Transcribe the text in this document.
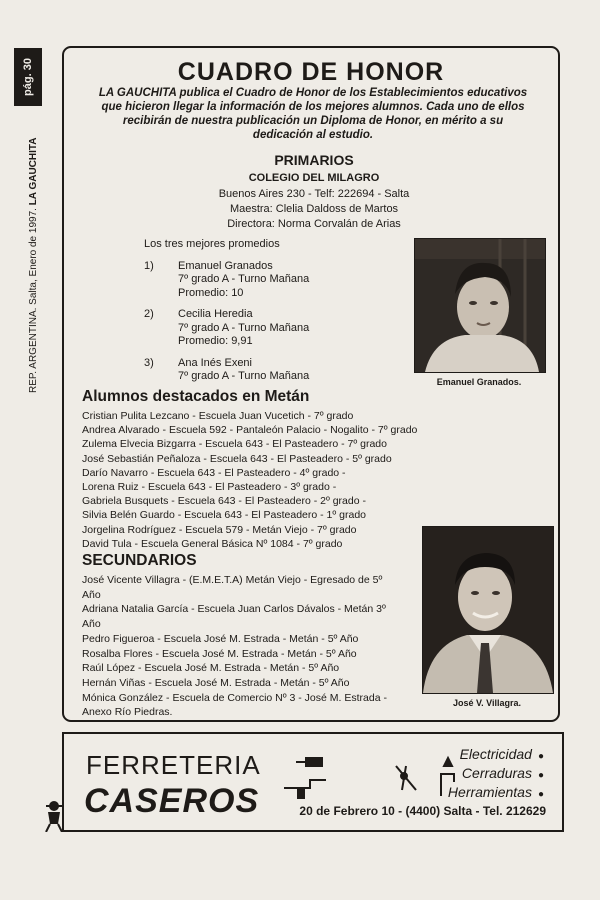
pág. 30
REP. ARGENTINA. Salta, Enero de 1997. LA GAUCHITA
CUADRO DE HONOR
LA GAUCHITA publica el Cuadro de Honor de los Establecimientos educativos que hicieron llegar la información de los mejores alumnos. Cada uno de ellos recibirán de nuestra publicación un Diploma de Honor, en mérito a su dedicación al estudio.
PRIMARIOS
COLEGIO DEL MILAGRO
Buenos Aires 230 - Telf: 222694 - Salta
Maestra: Clelia Daldoss de Martos
Directora: Norma Corvalán de Arias
Los tres mejores promedios
1)	Emanuel Granados
7º grado A - Turno Mañana
Promedio: 10
2)	Cecilia Heredia
7º grado A - Turno Mañana
Promedio: 9,91
3)	Ana Inés Exeni
7º grado A - Turno Mañana	Emanuel Granados.
Alumnos destacados en Metán
Cristian Pulita Lezcano - Escuela Juan Vucetich - 7º grado
Andrea Alvarado - Escuela 592 - Pantaleón Palacio - Nogalito - 7º grado
Zulema Elvecia Bizgarra - Escuela 643 - El Pasteadero - 7º grado
José Sebastián Peñaloza - Escuela 643 - El Pasteadero - 5º grado
Darío Navarro - Escuela 643 - El Pasteadero - 4º grado -
Lorena Ruiz - Escuela 643 - El Pasteadero - 3º grado -
Gabriela Busquets - Escuela 643 - El Pasteadero - 2º grado -
Silvia Belén Guardo - Escuela 643 - El Pasteadero - 1º grado
Jorgelina Rodríguez - Escuela 579 - Metán Viejo - 7º grado
David Tula - Escuela General Básica Nº 1084 - 7º grado
SECUNDARIOS
José Vicente Villagra - (E.M.E.T.A) Metán Viejo - Egresado de 5º Año
Adriana Natalia García - Escuela Juan Carlos Dávalos - Metán 3º Año
Pedro Figueroa - Escuela José M. Estrada - Metán - 5º Año
Rosalba Flores - Escuela José M. Estrada - Metán - 5º Año
Raúl López - Escuela José M. Estrada - Metán - 5º Año
Hernán Viñas - Escuela José M. Estrada - Metán - 5º Año
Mónica González - Escuela de Comercio Nº 3 - José M. Estrada - Anexo Río Piedras.
José V. Villagra.
FERRETERIA
CASEROS
Electricidad ●
Cerraduras ●
Herramientas ●
20 de Febrero 10 - (4400) Salta - Tel. 212629
